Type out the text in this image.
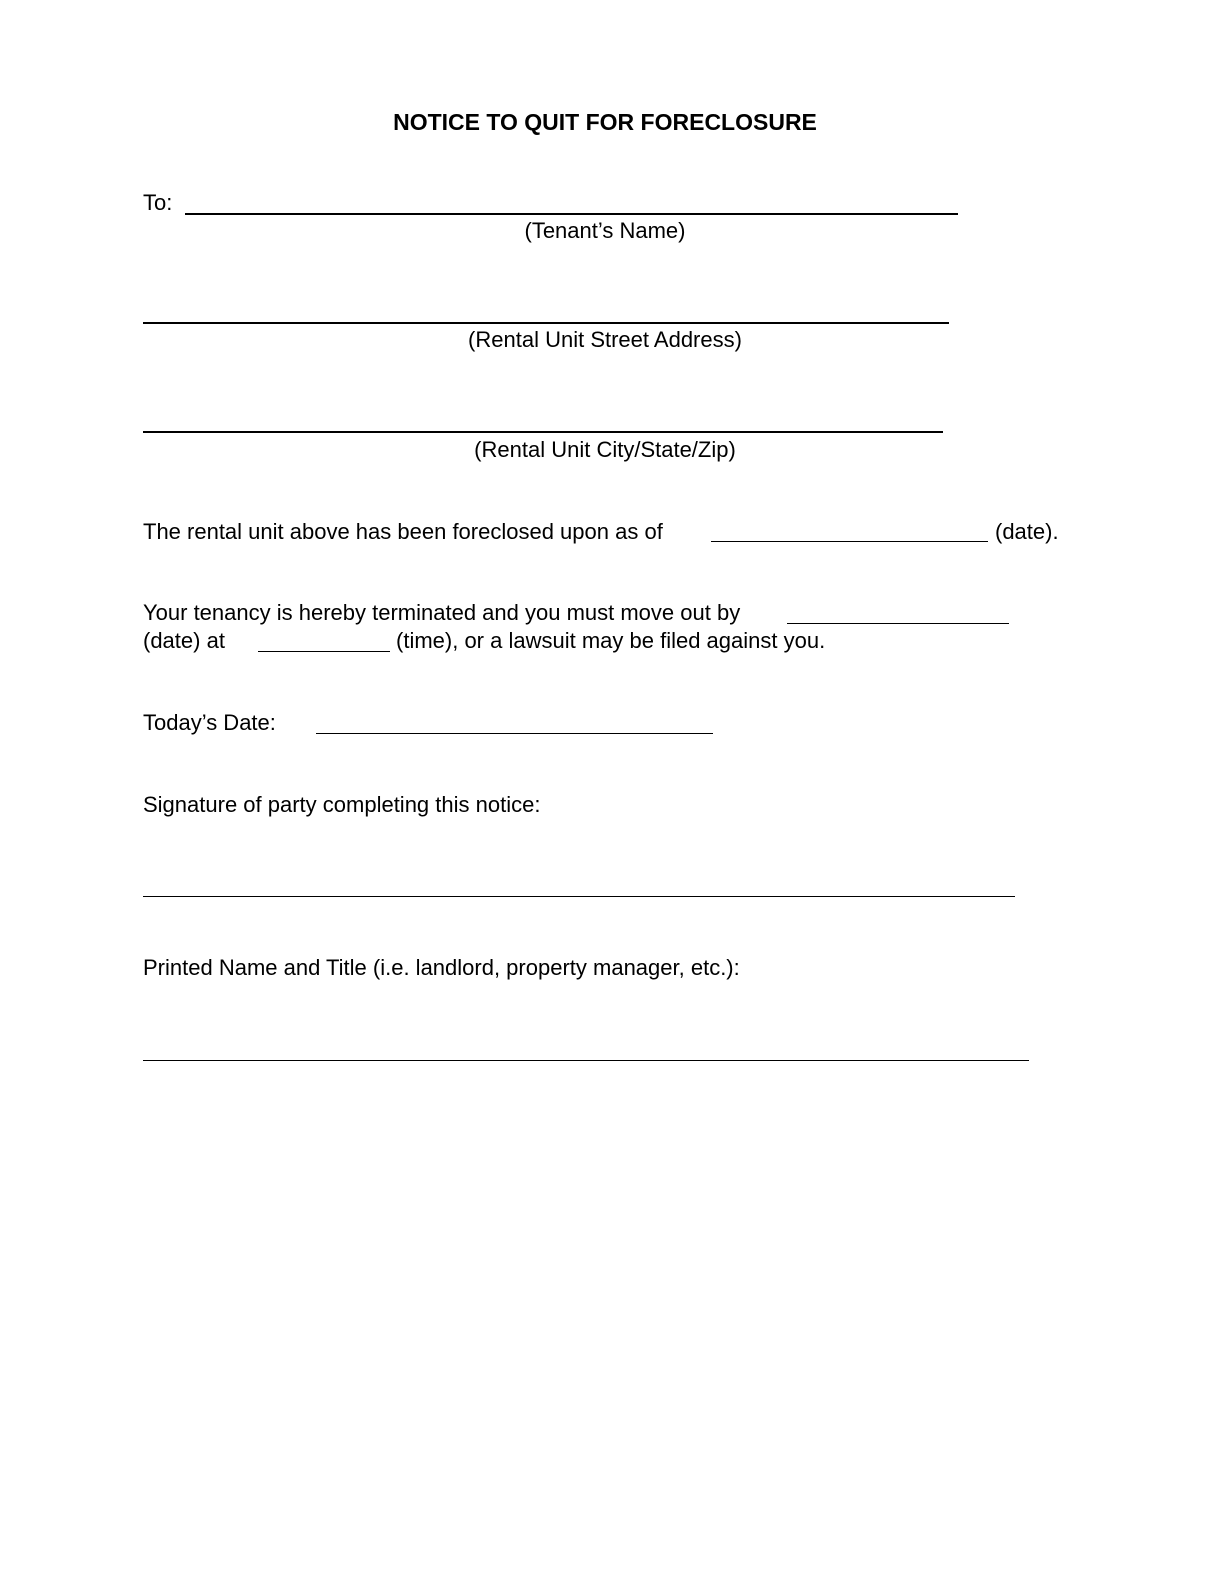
NOTICE TO QUIT FOR FORECLOSURE
To:
(Tenant’s Name)
(Rental Unit Street Address)
(Rental Unit City/State/Zip)
The rental unit above has been foreclosed upon as of	(date).
Your tenancy is hereby terminated and you must move out by
(date) at	(time), or a lawsuit may be filed against you.
Today’s Date:
Signature of party completing this notice:
Printed Name and Title (i.e. landlord, property manager, etc.):
